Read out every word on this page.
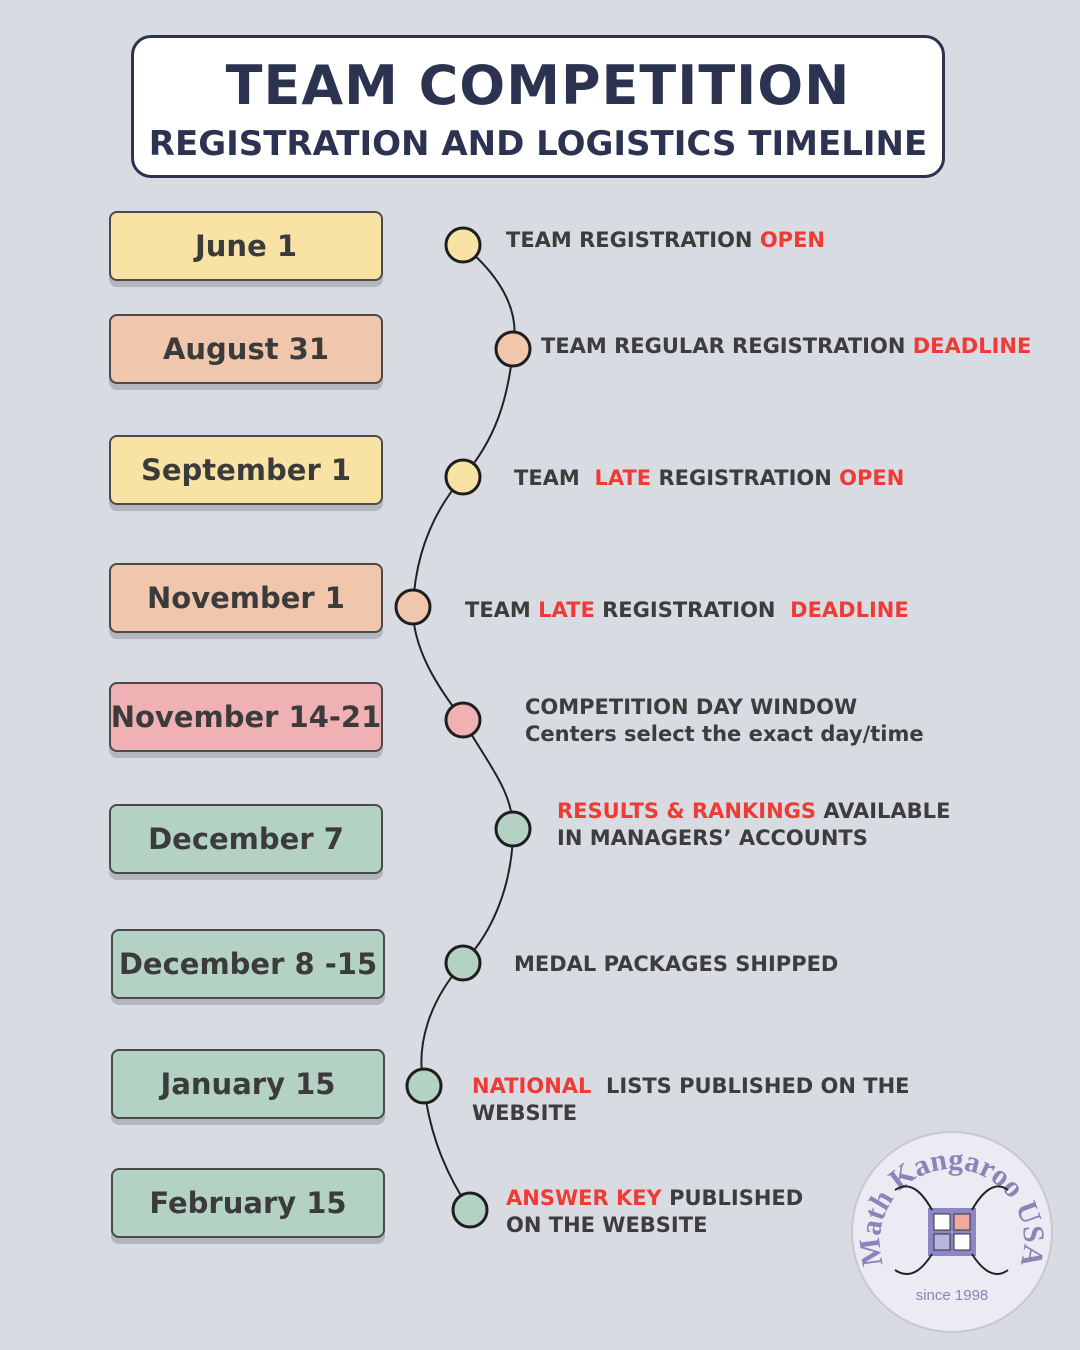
TEAM COMPETITION
REGISTRATION AND LOGISTICS TIMELINE
June 1
August 31
September 1
November 1
November 14-21
December 7
December 8 -15
January 15
February 15
TEAM REGISTRATION OPEN
TEAM REGULAR REGISTRATION DEADLINE
TEAM  LATE REGISTRATION OPEN
TEAM LATE REGISTRATION  DEADLINE
COMPETITION DAY WINDOW
Centers select the exact day/time
RESULTS & RANKINGS AVAILABLE
IN MANAGERS’ ACCOUNTS
MEDAL PACKAGES SHIPPED
NATIONAL  LISTS PUBLISHED ON THE
WEBSITE
ANSWER KEY PUBLISHED
ON THE WEBSITE
Math Kangaroo USA
since 1998
